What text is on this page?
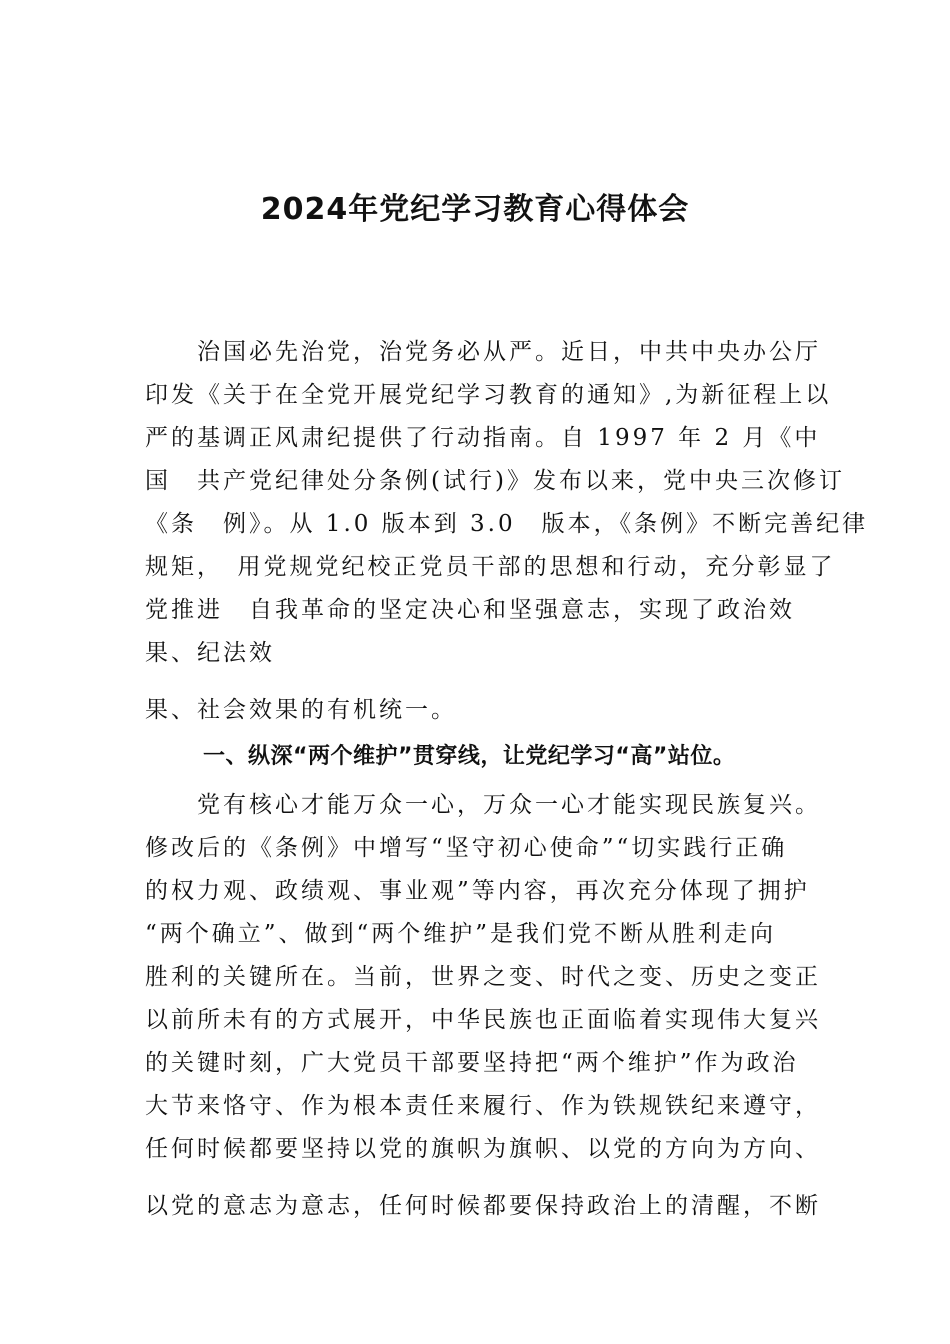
2024年党纪学习教育心得体会

　　治国必先治党，治党务必从严。近日，中共中央办公厅

印发《关于在全党开展党纪学习教育的通知》,为新征程上以

严的基调正风肃纪提供了行动指南。自 1997 年 2 月《中

国　共产党纪律处分条例(试行)》发布以来，党中央三次修订

《条　例》。从 1.0 版本到 3.0　版本，《条例》不断完善纪律

规矩，　用党规党纪校正党员干部的思想和行动，充分彰显了

党推进　自我革命的坚定决心和坚强意志，实现了政治效

果、纪法效

果、社会效果的有机统一。

一、纵深“两个维护”贯穿线，让党纪学习“高”站位。

　　党有核心才能万众一心，万众一心才能实现民族复兴。

修改后的《条例》中增写“坚守初心使命”“切实践行正确

的权力观、政绩观、事业观”等内容，再次充分体现了拥护

“两个确立”、做到“两个维护”是我们党不断从胜利走向

胜利的关键所在。当前，世界之变、时代之变、历史之变正

以前所未有的方式展开，中华民族也正面临着实现伟大复兴

的关键时刻，广大党员干部要坚持把“两个维护”作为政治

大节来恪守、作为根本责任来履行、作为铁规铁纪来遵守，

任何时候都要坚持以党的旗帜为旗帜、以党的方向为方向、

以党的意志为意志，任何时候都要保持政治上的清醒，不断
